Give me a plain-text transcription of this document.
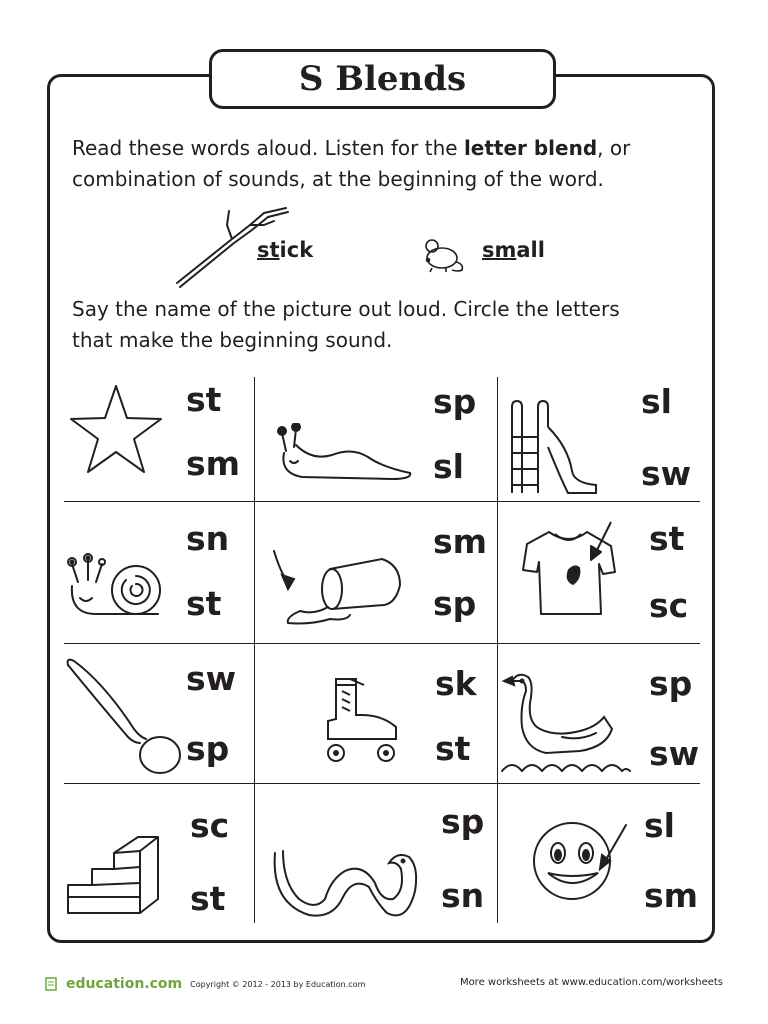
S Blends
Read these words aloud. Listen for the letter blend, or
combination of sounds, at the beginning of the word.
stick	small
Say the name of the picture out loud. Circle the letters
that make the beginning sound.
st
sm
sp
sl
sl
sw
sn
st
sm
sp
st
sc
sw
sp
sk
st
sp
sw
sc
st
sp
sn
sl
sm
education.com Copyright © 2012 - 2013 by Education.com	More worksheets at www.education.com/worksheets
